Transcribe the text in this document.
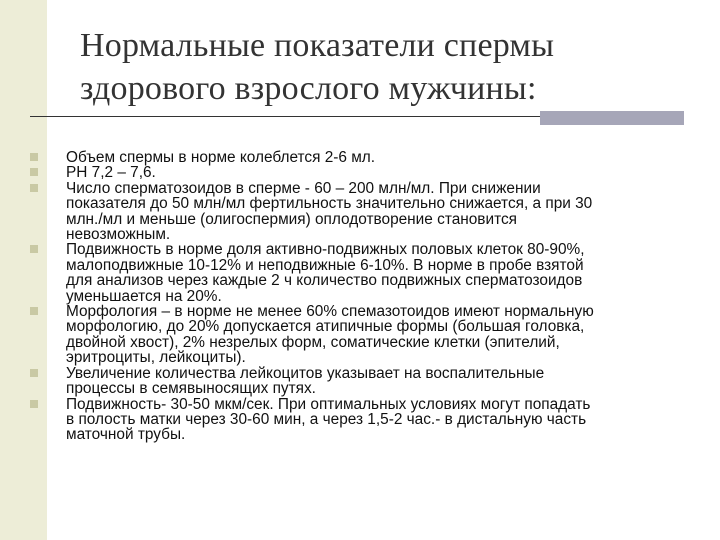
Нормальные показатели спермы
здорового взрослого мужчины:
Объем спермы в норме колеблется 2-6 мл.
PH 7,2 – 7,6.
Число сперматозоидов в сперме - 60 – 200 млн/мл. При снижении
показателя до 50 млн/мл фертильность значительно снижается, а при 30
млн./мл и меньше (олигоспермия) оплодотворение становится
невозможным.
Подвижность в норме доля активно-подвижных половых клеток 80-90%,
малоподвижные 10-12% и неподвижные 6-10%. В норме в пробе взятой
для анализов через каждые 2 ч количество подвижных сперматозоидов
уменьшается на 20%.
Морфология – в норме не менее 60% спемазотоидов имеют нормальную
морфологию, до 20% допускается атипичные формы (большая головка,
двойной хвост), 2% незрелых форм, соматические клетки (эпителий,
эритроциты, лейкоциты).
Увеличение количества лейкоцитов указывает на воспалительные
процессы в семявыносящих путях.
Подвижность- 30-50 мкм/сек. При оптимальных условиях могут попадать
в полость матки через 30-60 мин, а через 1,5-2 час.- в дистальную часть
маточной трубы.
